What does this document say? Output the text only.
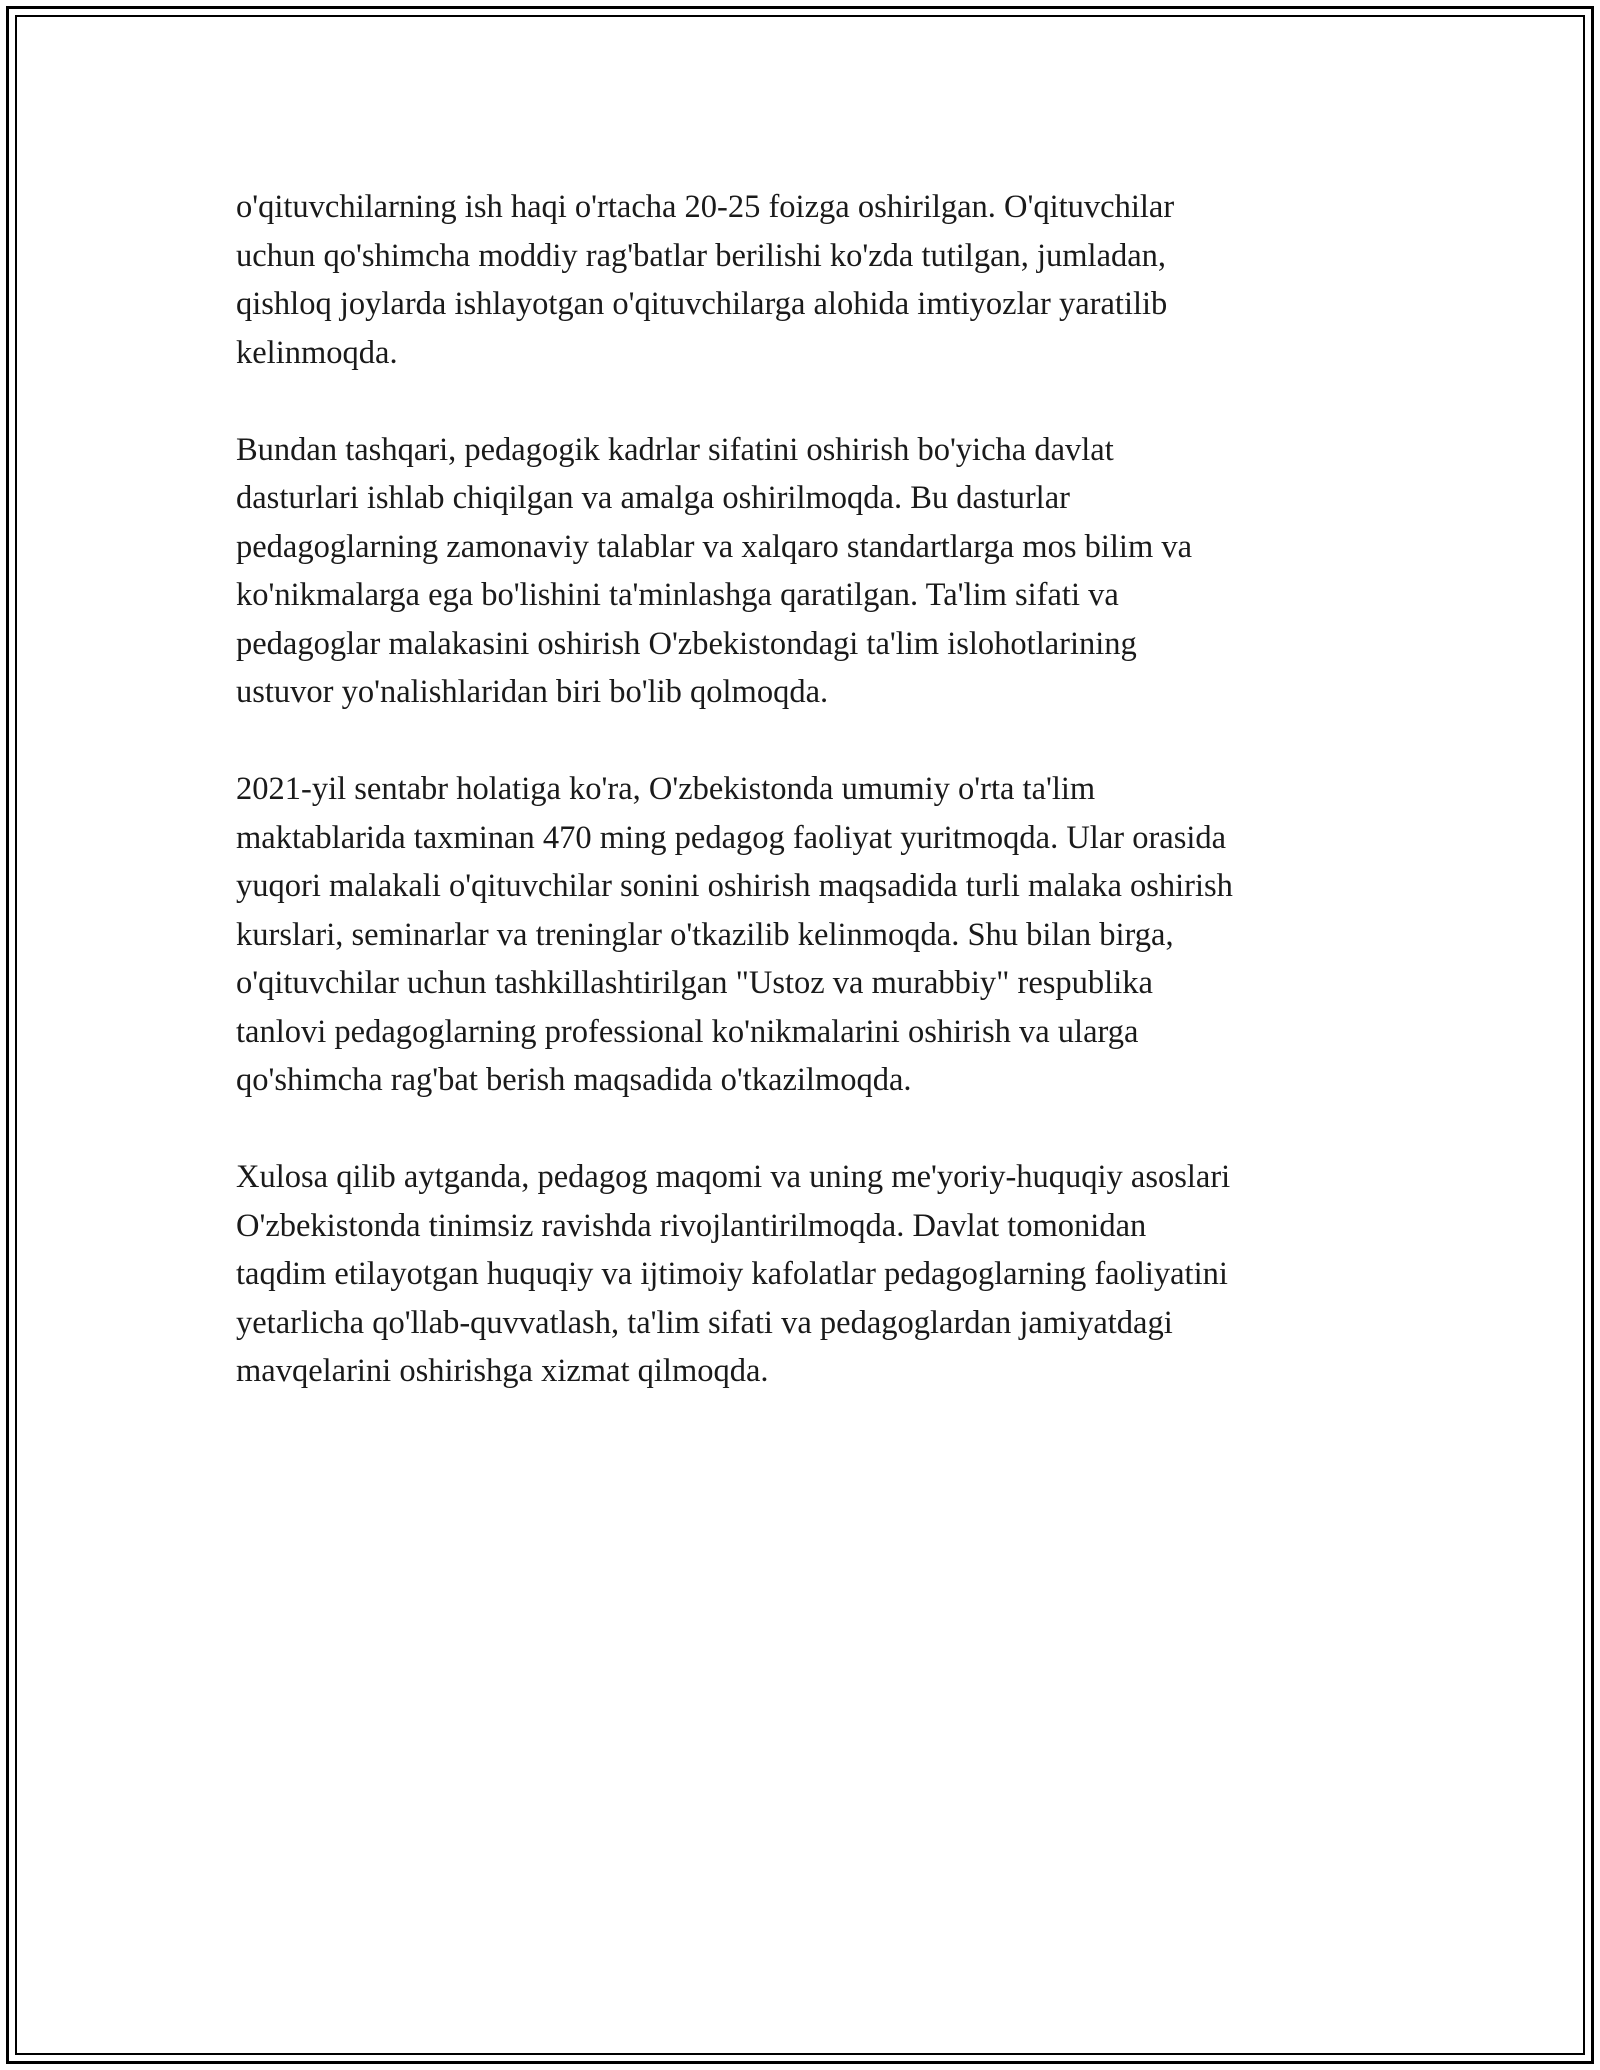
o'qituvchilarning ish haqi o'rtacha 20-25 foizga oshirilgan. O'qituvchilar
uchun qo'shimcha moddiy rag'batlar berilishi ko'zda tutilgan, jumladan,
qishloq joylarda ishlayotgan o'qituvchilarga alohida imtiyozlar yaratilib
kelinmoqda.

Bundan tashqari, pedagogik kadrlar sifatini oshirish bo'yicha davlat
dasturlari ishlab chiqilgan va amalga oshirilmoqda. Bu dasturlar
pedagoglarning zamonaviy talablar va xalqaro standartlarga mos bilim va
ko'nikmalarga ega bo'lishini ta'minlashga qaratilgan. Ta'lim sifati va
pedagoglar malakasini oshirish O'zbekistondagi ta'lim islohotlarining
ustuvor yo'nalishlaridan biri bo'lib qolmoqda.

2021-yil sentabr holatiga ko'ra, O'zbekistonda umumiy o'rta ta'lim
maktablarida taxminan 470 ming pedagog faoliyat yuritmoqda. Ular orasida
yuqori malakali o'qituvchilar sonini oshirish maqsadida turli malaka oshirish
kurslari, seminarlar va treninglar o'tkazilib kelinmoqda. Shu bilan birga,
o'qituvchilar uchun tashkillashtirilgan "Ustoz va murabbiy" respublika
tanlovi pedagoglarning professional ko'nikmalarini oshirish va ularga
qo'shimcha rag'bat berish maqsadida o'tkazilmoqda.

Xulosa qilib aytganda, pedagog maqomi va uning me'yoriy-huquqiy asoslari
O'zbekistonda tinimsiz ravishda rivojlantirilmoqda. Davlat tomonidan
taqdim etilayotgan huquqiy va ijtimoiy kafolatlar pedagoglarning faoliyatini
yetarlicha qo'llab-quvvatlash, ta'lim sifati va pedagoglardan jamiyatdagi
mavqelarini oshirishga xizmat qilmoqda.
